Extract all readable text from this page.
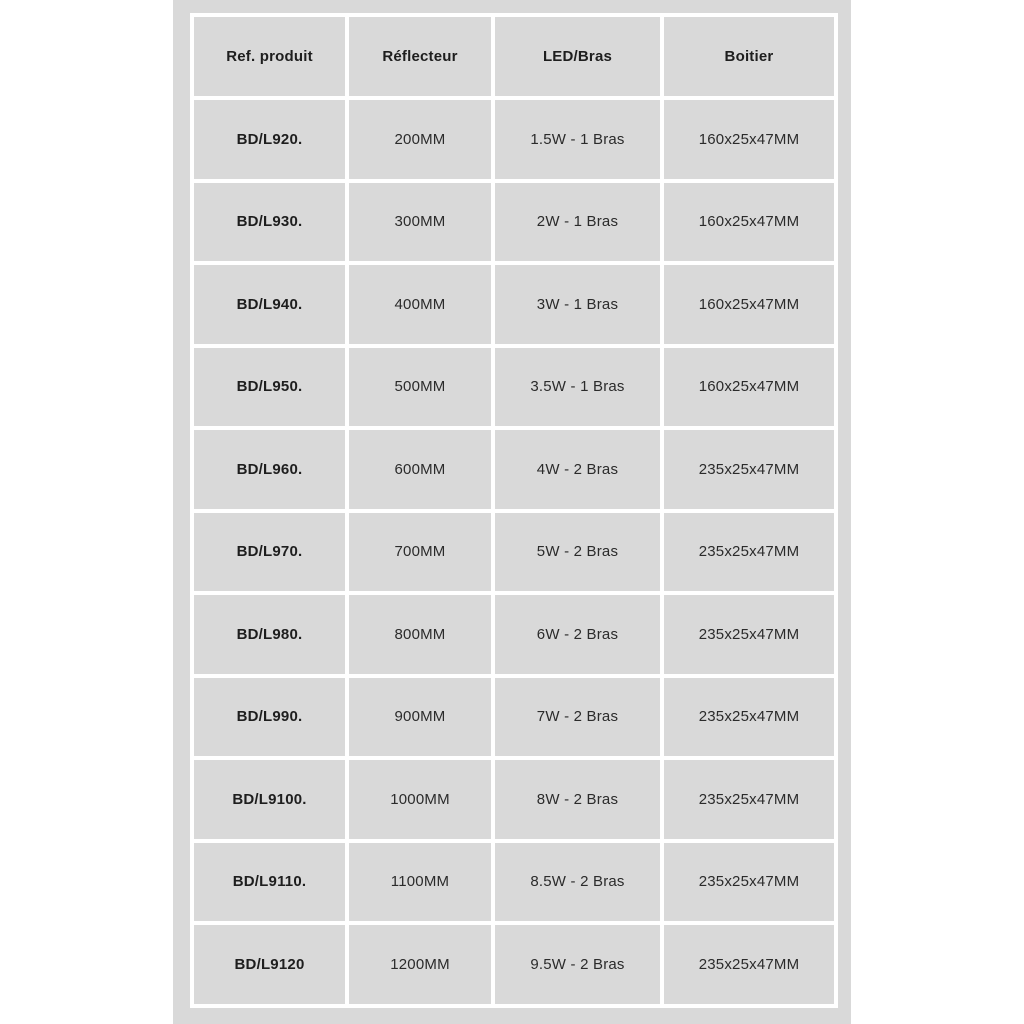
Ref. produit	Réflecteur	LED/Bras	Boitier
BD/L920.	200MM	1.5W - 1 Bras	160x25x47MM
BD/L930.	300MM	2W - 1 Bras	160x25x47MM
BD/L940.	400MM	3W - 1 Bras	160x25x47MM
BD/L950.	500MM	3.5W - 1 Bras	160x25x47MM
BD/L960.	600MM	4W - 2 Bras	235x25x47MM
BD/L970.	700MM	5W - 2 Bras	235x25x47MM
BD/L980.	800MM	6W - 2 Bras	235x25x47MM
BD/L990.	900MM	7W - 2 Bras	235x25x47MM
BD/L9100.	1000MM	8W - 2 Bras	235x25x47MM
BD/L9110.	1100MM	8.5W - 2 Bras	235x25x47MM
BD/L9120	1200MM	9.5W - 2 Bras	235x25x47MM
